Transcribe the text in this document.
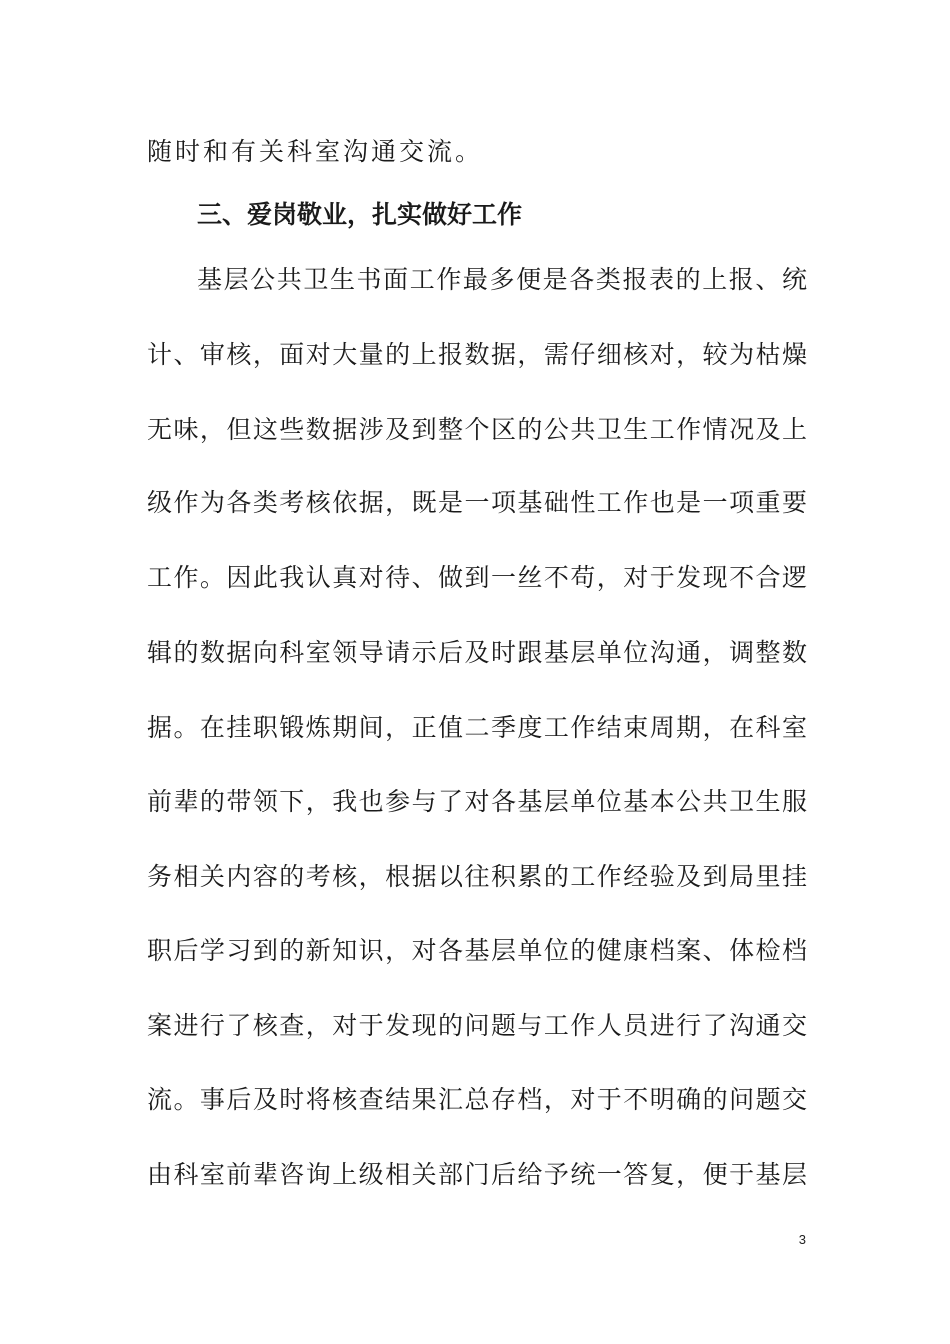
随时和有关科室沟通交流。
三、爱岗敬业，扎实做好工作
基层公共卫生书面工作最多便是各类报表的上报、统
计、审核，面对大量的上报数据，需仔细核对，较为枯燥
无味，但这些数据涉及到整个区的公共卫生工作情况及上
级作为各类考核依据，既是一项基础性工作也是一项重要
工作。因此我认真对待、做到一丝不苟，对于发现不合逻
辑的数据向科室领导请示后及时跟基层单位沟通，调整数
据。在挂职锻炼期间，正值二季度工作结束周期，在科室
前辈的带领下，我也参与了对各基层单位基本公共卫生服
务相关内容的考核，根据以往积累的工作经验及到局里挂
职后学习到的新知识，对各基层单位的健康档案、体检档
案进行了核查，对于发现的问题与工作人员进行了沟通交
流。事后及时将核查结果汇总存档，对于不明确的问题交
由科室前辈咨询上级相关部门后给予统一答复，便于基层
3
